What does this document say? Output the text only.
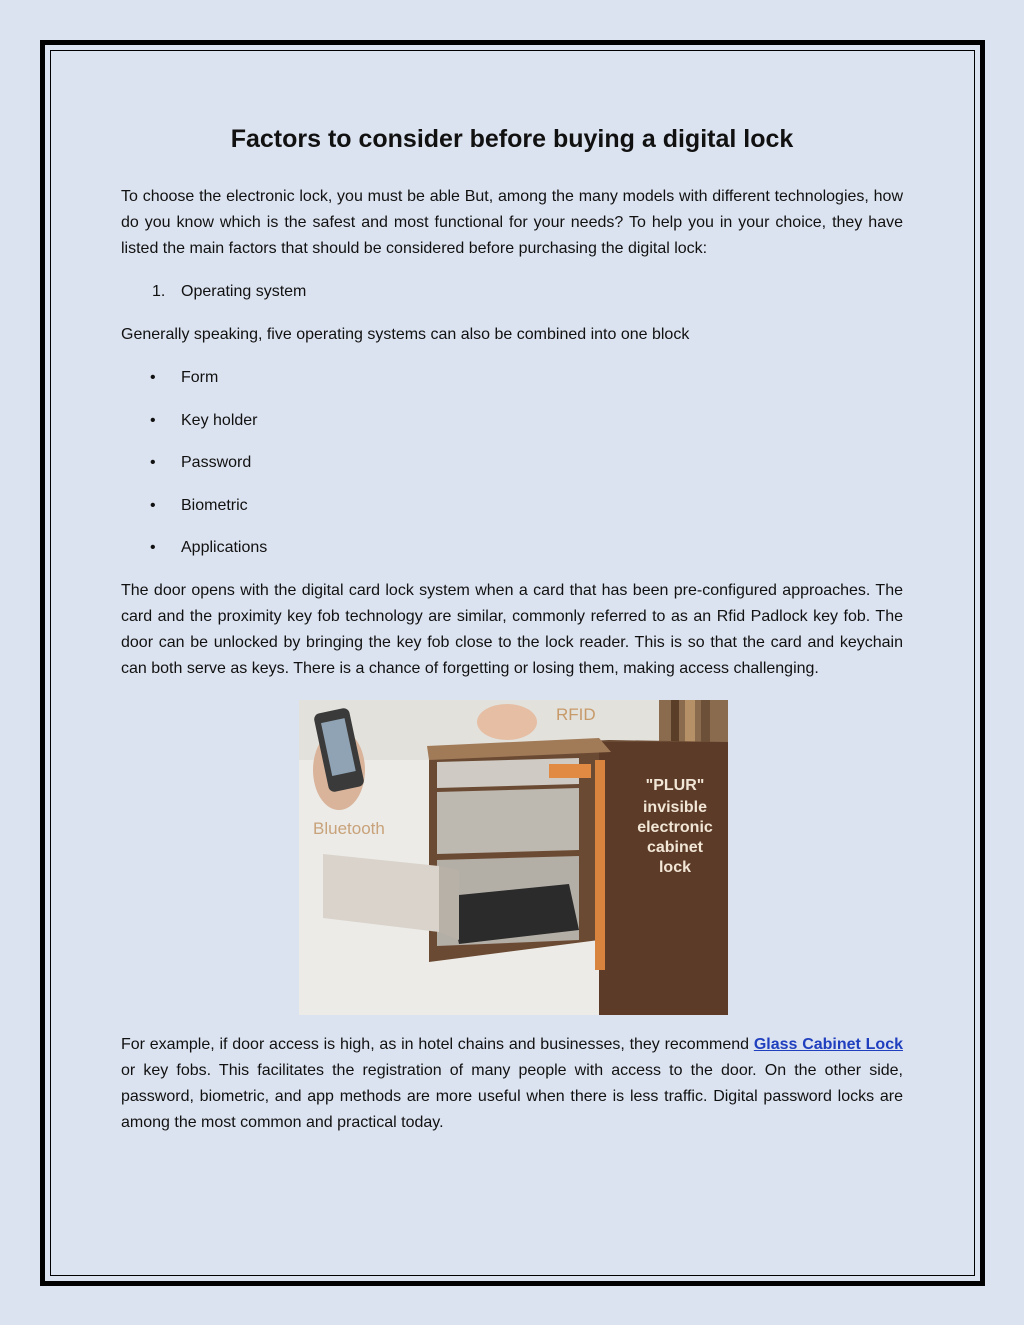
Factors to consider before buying a digital lock

To choose the electronic lock, you must be able But, among the many models with different technologies, how do you know which is the safest and most functional for your needs? To help you in your choice, they have listed the main factors that should be considered before purchasing the digital lock:

1. Operating system

Generally speaking, five operating systems can also be combined into one block

• Form
• Key holder
• Password
• Biometric
• Applications

The door opens with the digital card lock system when a card that has been pre-configured approaches. The card and the proximity key fob technology are similar, commonly referred to as an Rfid Padlock key fob. The door can be unlocked by bringing the key fob close to the lock reader. This is so that the card and keychain can both serve as keys. There is a chance of forgetting or losing them, making access challenging.

RFID
Bluetooth
"PLUR"
invisible
electronic
cabinet
lock

For example, if door access is high, as in hotel chains and businesses, they recommend Glass Cabinet Lock or key fobs. This facilitates the registration of many people with access to the door. On the other side, password, biometric, and app methods are more useful when there is less traffic. Digital password locks are among the most common and practical today.
